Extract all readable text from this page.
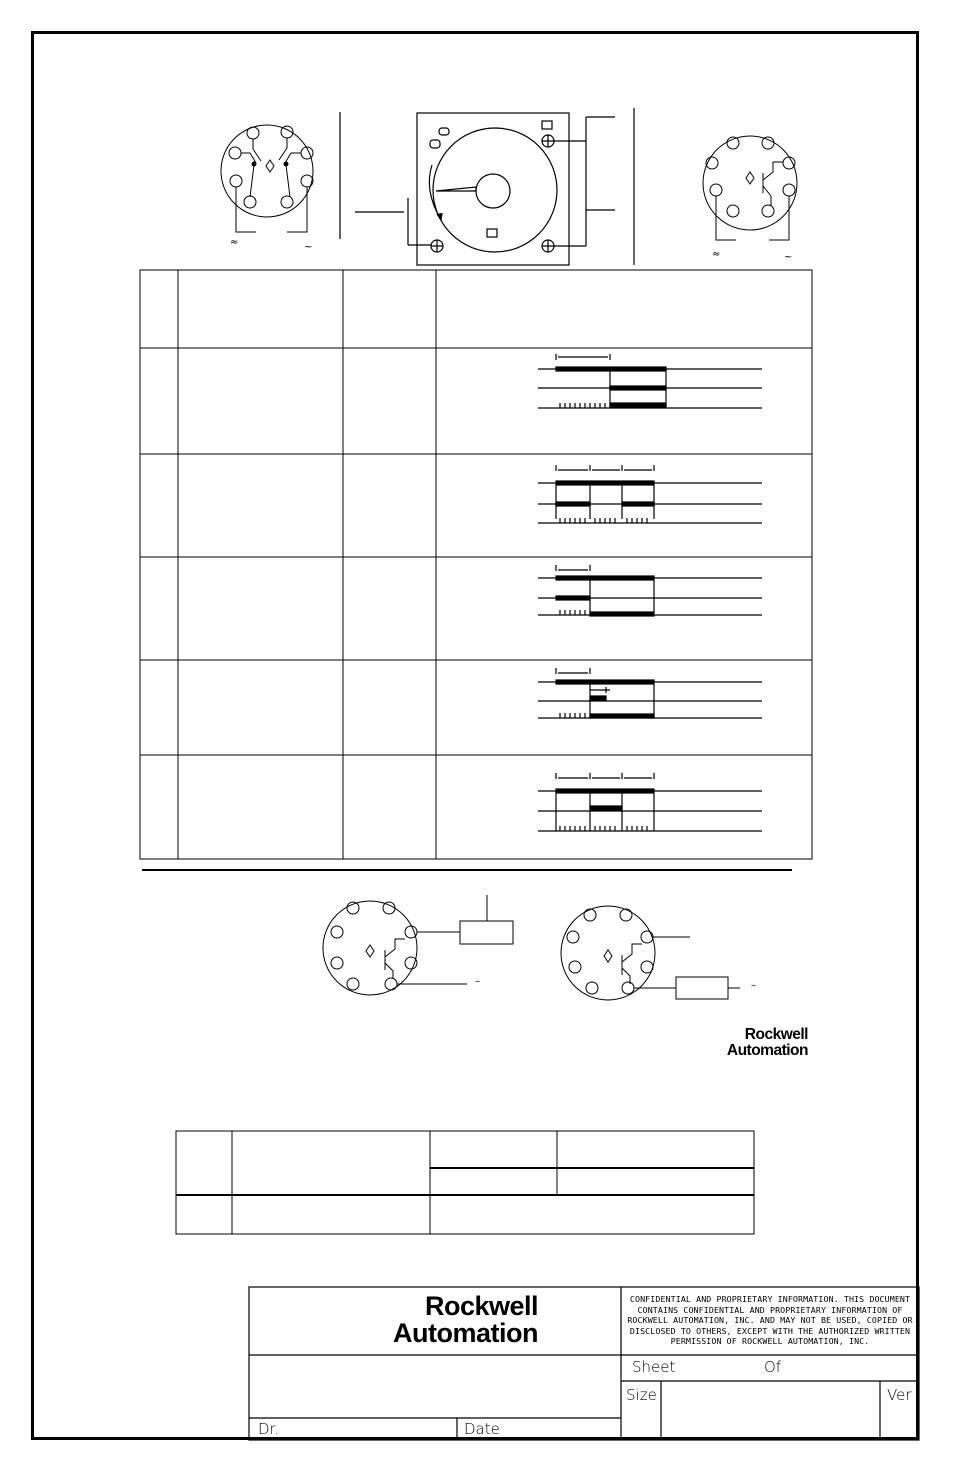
≈	~
≈	~
–	–
Rockwell
Automation
Rockwell
Automation
CONFIDENTIAL AND PROPRIETARY INFORMATION. THIS DOCUMENT
CONTAINS CONFIDENTIAL AND PROPRIETARY INFORMATION OF
ROCKWELL AUTOMATION, INC. AND MAY NOT BE USED, COPIED OR
DISCLOSED TO OTHERS, EXCEPT WITH THE AUTHORIZED WRITTEN
PERMISSION OF ROCKWELL AUTOMATION, INC.
Sheet	Of
Size	Ver
Dr.	Date
